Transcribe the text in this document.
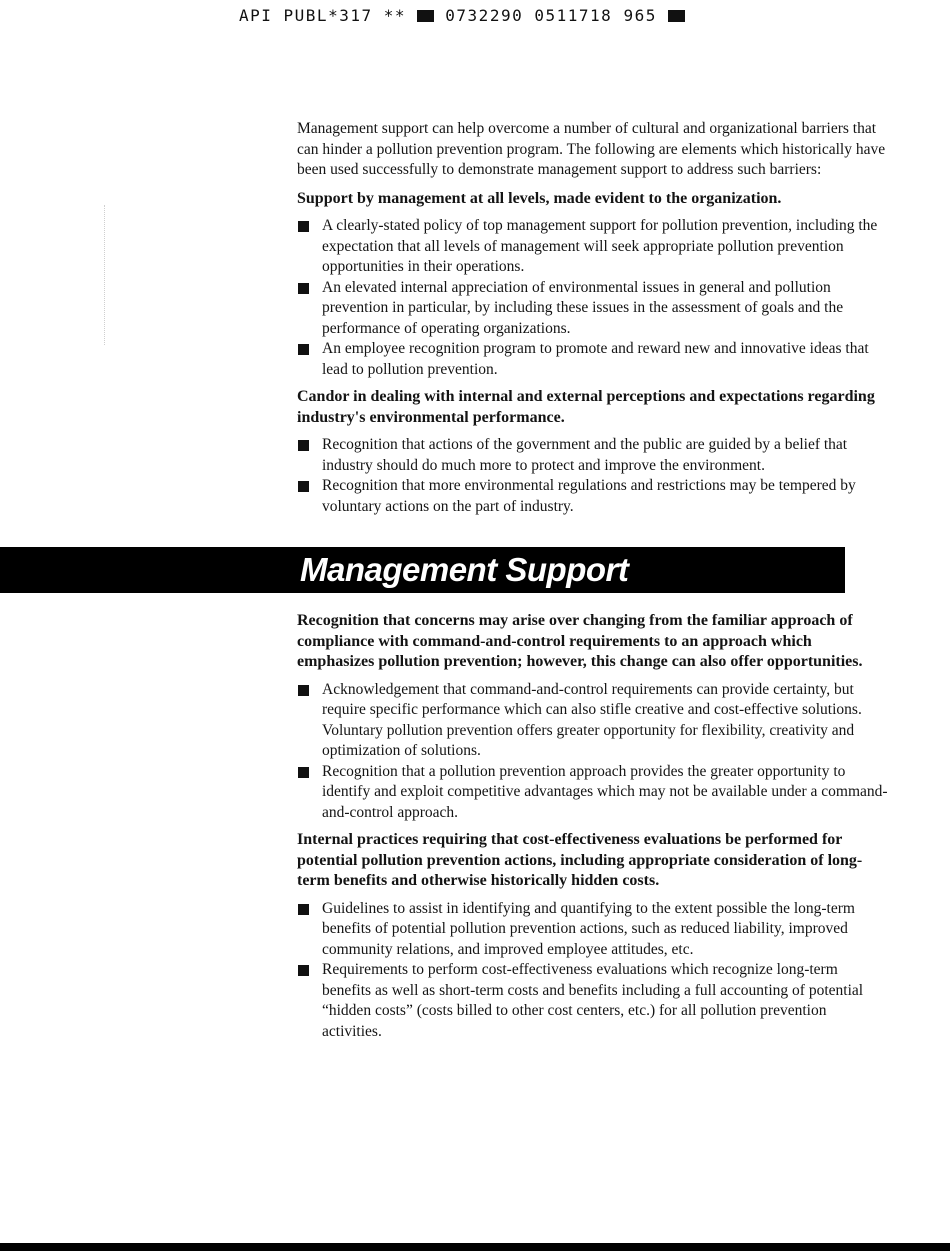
API PUBL*317 ** 0732290 0511718 965

Management support can help overcome a number of cultural and organizational barriers that can hinder a pollution prevention program. The following are elements which historically have been used successfully to demonstrate management support to address such barriers:

Support by management at all levels, made evident to the organization.

A clearly-stated policy of top management support for pollution prevention, including the expectation that all levels of management will seek appropriate pollution prevention opportunities in their operations.
An elevated internal appreciation of environmental issues in general and pollution prevention in particular, by including these issues in the assessment of goals and the performance of operating organizations.
An employee recognition program to promote and reward new and innovative ideas that lead to pollution prevention.

Candor in dealing with internal and external perceptions and expectations regarding industry's environmental performance.

Recognition that actions of the government and the public are guided by a belief that industry should do much more to protect and improve the environment.
Recognition that more environmental regulations and restrictions may be tempered by voluntary actions on the part of industry.
Management Support

Recognition that concerns may arise over changing from the familiar approach of compliance with command-and-control requirements to an approach which emphasizes pollution prevention; however, this change can also offer opportunities.

Acknowledgement that command-and-control requirements can provide certainty, but require specific performance which can also stifle creative and cost-effective solutions. Voluntary pollution prevention offers greater opportunity for flexibility, creativity and optimization of solutions.
Recognition that a pollution prevention approach provides the greater opportunity to identify and exploit competitive advantages which may not be available under a command-and-control approach.

Internal practices requiring that cost-effectiveness evaluations be performed for potential pollution prevention actions, including appropriate consideration of long-term benefits and otherwise historically hidden costs.

Guidelines to assist in identifying and quantifying to the extent possible the long-term benefits of potential pollution prevention actions, such as reduced liability, improved community relations, and improved employee attitudes, etc.
Requirements to perform cost-effectiveness evaluations which recognize long-term benefits as well as short-term costs and benefits including a full accounting of potential “hidden costs” (costs billed to other cost centers, etc.) for all pollution prevention activities.
